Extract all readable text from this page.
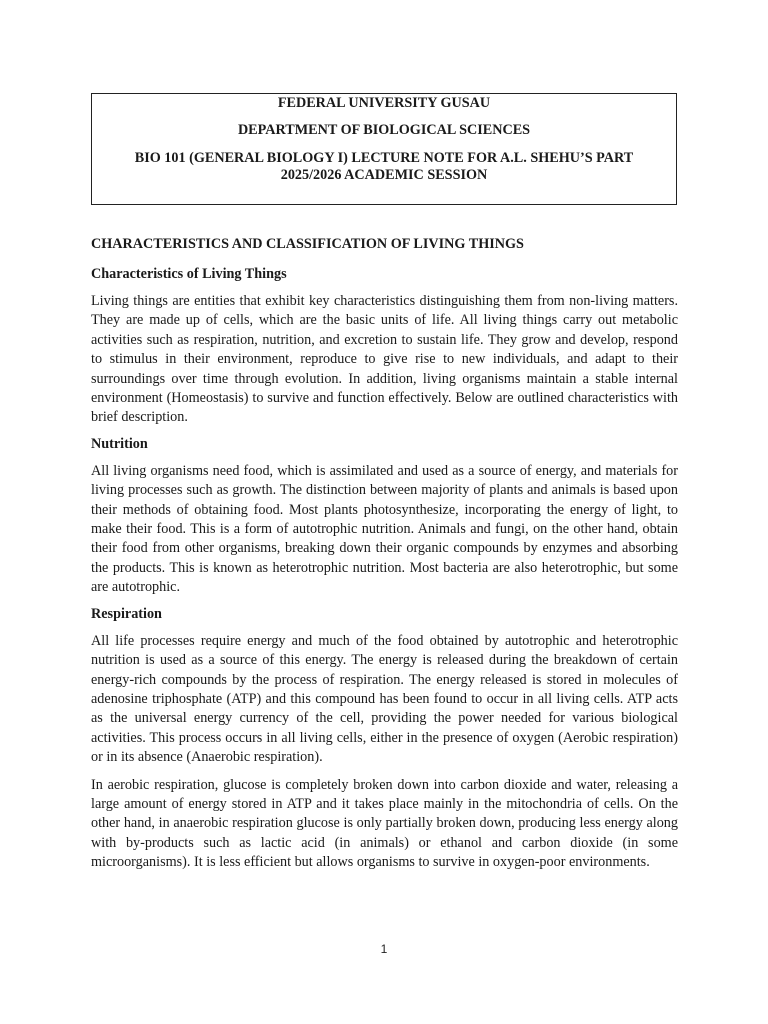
FEDERAL UNIVERSITY GUSAU
DEPARTMENT OF BIOLOGICAL SCIENCES
BIO 101 (GENERAL BIOLOGY I) LECTURE NOTE FOR A.L. SHEHU’S PART
2025/2026 ACADEMIC SESSION
CHARACTERISTICS AND CLASSIFICATION OF LIVING THINGS
Characteristics of Living Things

Living things are entities that exhibit key characteristics distinguishing them from non-living matters. They are made up of cells, which are the basic units of life. All living things carry out metabolic activities such as respiration, nutrition, and excretion to sustain life. They grow and develop, respond to stimulus in their environment, reproduce to give rise to new individuals, and adapt to their surroundings over time through evolution. In addition, living organisms maintain a stable internal environment (Homeostasis) to survive and function effectively. Below are outlined characteristics with brief description.

Nutrition

All living organisms need food, which is assimilated and used as a source of energy, and materials for living processes such as growth. The distinction between majority of plants and animals is based upon their methods of obtaining food. Most plants photosynthesize, incorporating the energy of light, to make their food. This is a form of autotrophic nutrition. Animals and fungi, on the other hand, obtain their food from other organisms, breaking down their organic compounds by enzymes and absorbing the products. This is known as heterotrophic nutrition. Most bacteria are also heterotrophic, but some are autotrophic.

Respiration

All life processes require energy and much of the food obtained by autotrophic and heterotrophic nutrition is used as a source of this energy. The energy is released during the breakdown of certain energy-rich compounds by the process of respiration. The energy released is stored in molecules of adenosine triphosphate (ATP) and this compound has been found to occur in all living cells. ATP acts as the universal energy currency of the cell, providing the power needed for various biological activities. This process occurs in all living cells, either in the presence of oxygen (Aerobic respiration) or in its absence (Anaerobic respiration).

In aerobic respiration, glucose is completely broken down into carbon dioxide and water, releasing a large amount of energy stored in ATP and it takes place mainly in the mitochondria of cells. On the other hand, in anaerobic respiration glucose is only partially broken down, producing less energy along with by-products such as lactic acid (in animals) or ethanol and carbon dioxide (in some microorganisms). It is less efficient but allows organisms to survive in oxygen-poor environments.

1
